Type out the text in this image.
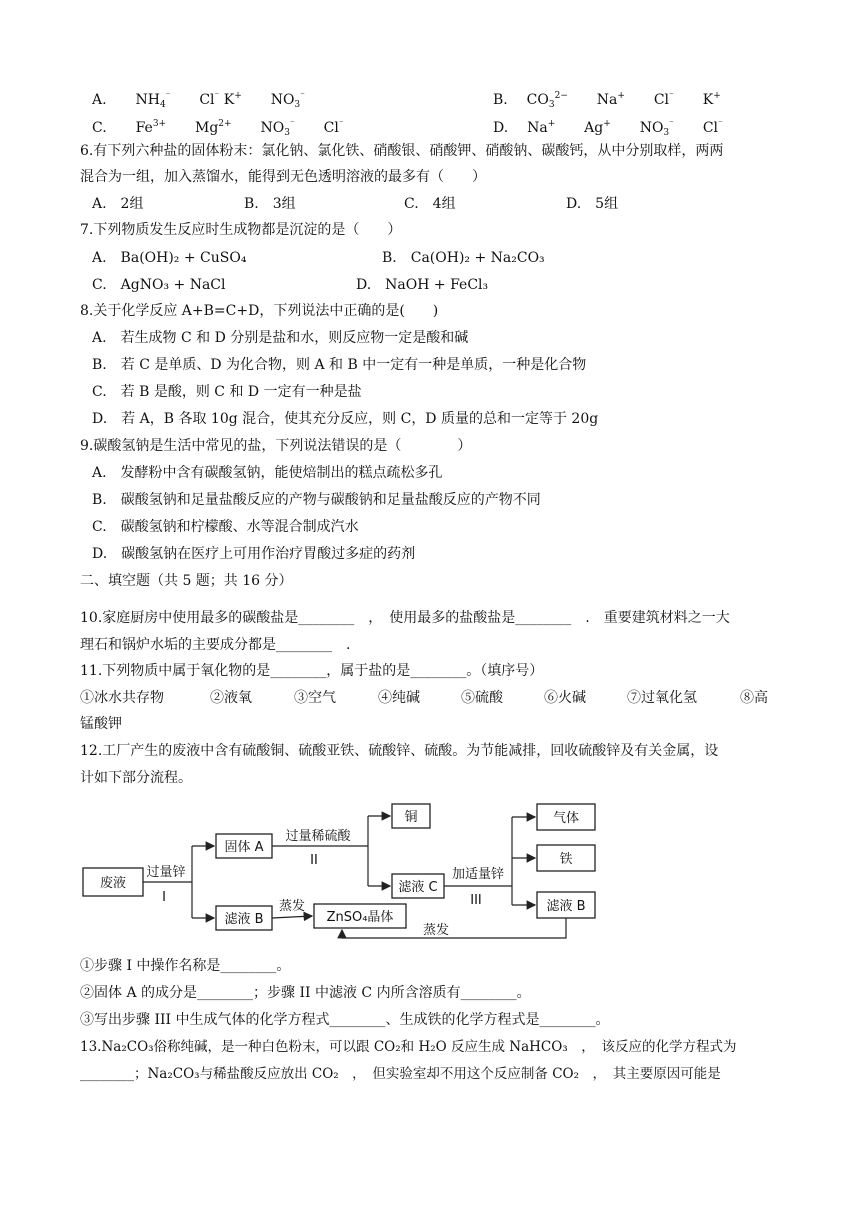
A. $NH_4^{^-}$ Cl⁻ K+ $NO_3^{^-}$	B. $CO_3^{2-}$ Na+ Cl⁻ K+
C. $Fe^{3+}$ $Mg^{2+}$ $NO_3^{^-}$ Cl⁻	D. Na+ Ag+ $NO_3^{^-}$ Cl⁻
6.有下列六种盐的固体粉末：氯化钠、氯化铁、硝酸银、硝酸钾、硝酸钠、碳酸钙，从中分别取样，两两
混合为一组，加入蒸馏水，能得到无色透明溶液的最多有（　　）
A.　2组	B.　3组	C.　4组	D.　5组
7.下列物质发生反应时生成物都是沉淀的是（　　）
A.　Ba(OH)₂ + CuSO₄	B.　Ca(OH)₂ + Na₂CO₃
C.　AgNO₃ + NaCl	D.　NaOH + FeCl₃
8.关于化学反应 A+B=C+D，下列说法中正确的是(　　)
A.　若生成物 C 和 D 分别是盐和水，则反应物一定是酸和碱
B.　若 C 是单质、D 为化合物，则 A 和 B 中一定有一种是单质，一种是化合物
C.　若 B 是酸，则 C 和 D 一定有一种是盐
D.　若 A，B 各取 10g 混合，使其充分反应，则 C，D 质量的总和一定等于 20g
9.碳酸氢钠是生活中常见的盐，下列说法错误的是（　　　　）
A.　发酵粉中含有碳酸氢钠，能使焙制出的糕点疏松多孔
B.　碳酸氢钠和足量盐酸反应的产物与碳酸钠和足量盐酸反应的产物不同
C.　碳酸氢钠和柠檬酸、水等混合制成汽水
D.　碳酸氢钠在医疗上可用作治疗胃酸过多症的药剂
二、填空题（共 5 题；共 16 分）
10.家庭厨房中使用最多的碳酸盐是________　，　使用最多的盐酸盐是________　.　重要建筑材料之一大
理石和锅炉水垢的主要成分都是________　.
11.下列物质中属于氧化物的是________，属于盐的是________。（填序号）
①冰水共存物	②液氧	③空气	④纯碱	⑤硫酸	⑥火碱	⑦过氧化氢	⑧高
锰酸钾
12.工厂产生的废液中含有硫酸铜、硫酸亚铁、硫酸锌、硫酸。为节能减排，回收硫酸锌及有关金属，设
计如下部分流程。
废液
固体 A
滤液 B	ZnSO₄晶体
铜
滤液 C
气体
铁
滤液 B
过量锌
I
过量稀硫酸
II
加适量锌
III
蒸发
蒸发
①步骤 I 中操作名称是________。
②固体 A 的成分是________；步骤 II 中滤液 C 内所含溶质有________。
③写出步骤 III 中生成气体的化学方程式________、生成铁的化学方程式是________。
13.Na₂CO₃俗称纯碱，是一种白色粉末，可以跟 CO₂和 H₂O 反应生成 NaHCO₃　，　该反应的化学方程式为
________；Na₂CO₃与稀盐酸反应放出 CO₂　，　但实验室却不用这个反应制备 CO₂　，　其主要原因可能是
